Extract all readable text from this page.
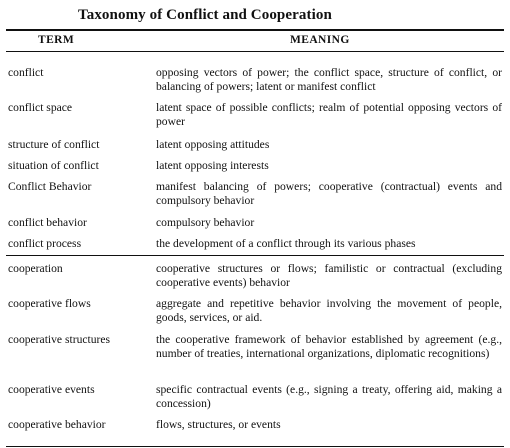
Taxonomy of Conflict and Cooperation
TERM	MEANING
conflict	opposing vectors of power; the conflict space, structure of conflict, or balancing of powers; latent or manifest conflict
conflict space	latent space of possible conflicts; realm of potential opposing vectors of power
structure of conflict	latent opposing attitudes
situation of conflict	latent opposing interests
Conflict Behavior	manifest balancing of powers; cooperative (contractual) events and compulsory behavior
conflict behavior	compulsory behavior
conflict process	the development of a conflict through its various phases
cooperation	cooperative structures or flows; familistic or contractual (excluding cooperative events) behavior
cooperative flows	aggregate and repetitive behavior involving the movement of people, goods, services, or aid.
cooperative structures	the cooperative framework of behavior established by agreement (e.g., number of treaties, international organizations, diplomatic recognitions)
cooperative events	specific contractual events (e.g., signing a treaty, offering aid, making a concession)
cooperative behavior	flows, structures, or events
